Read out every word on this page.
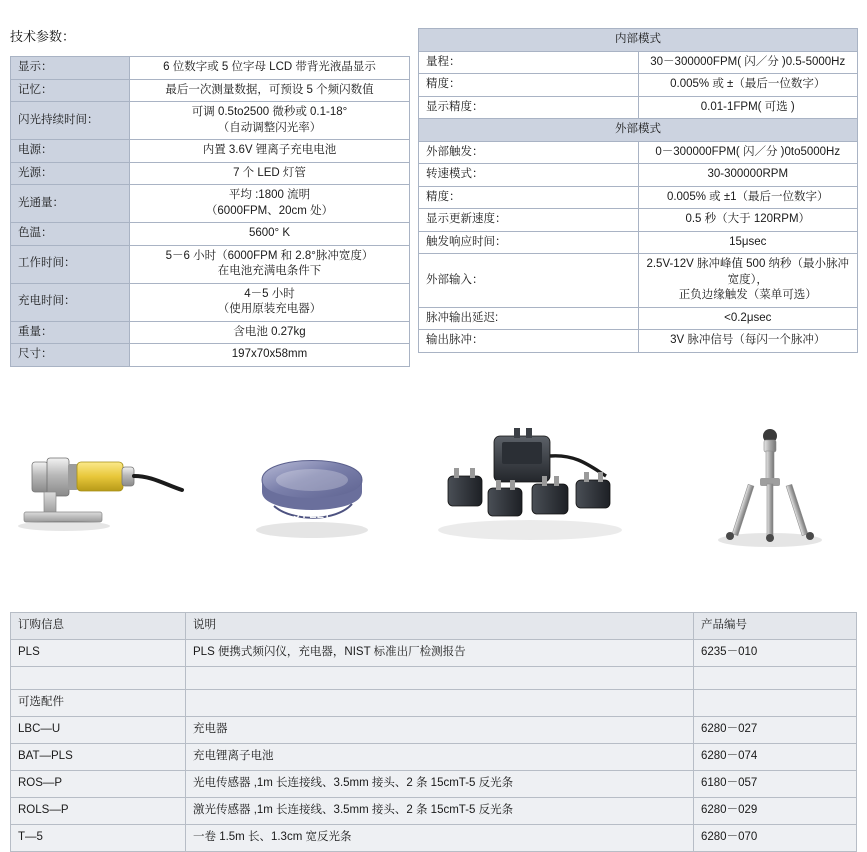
技术参数：
显示：	6 位数字或 5 位字母 LCD 带背光液晶显示
记忆：	最后一次测量数据，可预设 5 个频闪数值
闪光持续时间：	可调 0.5to2500 微秒或 0.1-18°
（自动调整闪光率）
电源：	内置 3.6V 锂离子充电电池
光源：	7 个 LED 灯管
光通量：	平均 :1800 流明
（6000FPM、20cm 处）
色温：	5600° K
工作时间：	5－6 小时（6000FPM 和 2.8°脉冲宽度）
在电池充满电条件下
充电时间：	4－5 小时
（使用原装充电器）
重量：	含电池 0.27kg
尺寸：	197x70x58mm
内部模式	
量程：	30－300000FPM( 闪／分 )0.5-5000Hz
精度：	0.005% 或 ±（最后一位数字）
显示精度：	0.01-1FPM( 可选 )
外部模式	
外部触发：	0－300000FPM( 闪／分 )0to5000Hz
转速模式：	30-300000RPM
精度：	0.005% 或 ±1（最后一位数字）
显示更新速度：	0.5 秒（大于 120RPM）
触发响应时间：	15μsec
外部输入：	2.5V-12V 脉冲峰值 500 纳秒（最小脉冲宽度），
正负边缘触发（菜单可选）
脉冲输出延迟:	<0.2μsec
输出脉冲：	3V 脉冲信号（每闪一个脉冲）
5 FEET
订购信息	说明	产品编号
PLS	PLS 便携式频闪仪，充电器，NIST 标准出厂检测报告	6235－010

可选配件		
LBC—U	充电器	6280－027
BAT—PLS	充电锂离子电池	6280－074
ROS—P	光电传感器 ,1m 长连接线、3.5mm 接头、2 条 15cmT-5 反光条	6180－057
ROLS—P	激光传感器 ,1m 长连接线、3.5mm 接头、2 条 15cmT-5 反光条	6280－029
T—5	一卷 1.5m 长、1.3cm 宽反光条	6280－070
